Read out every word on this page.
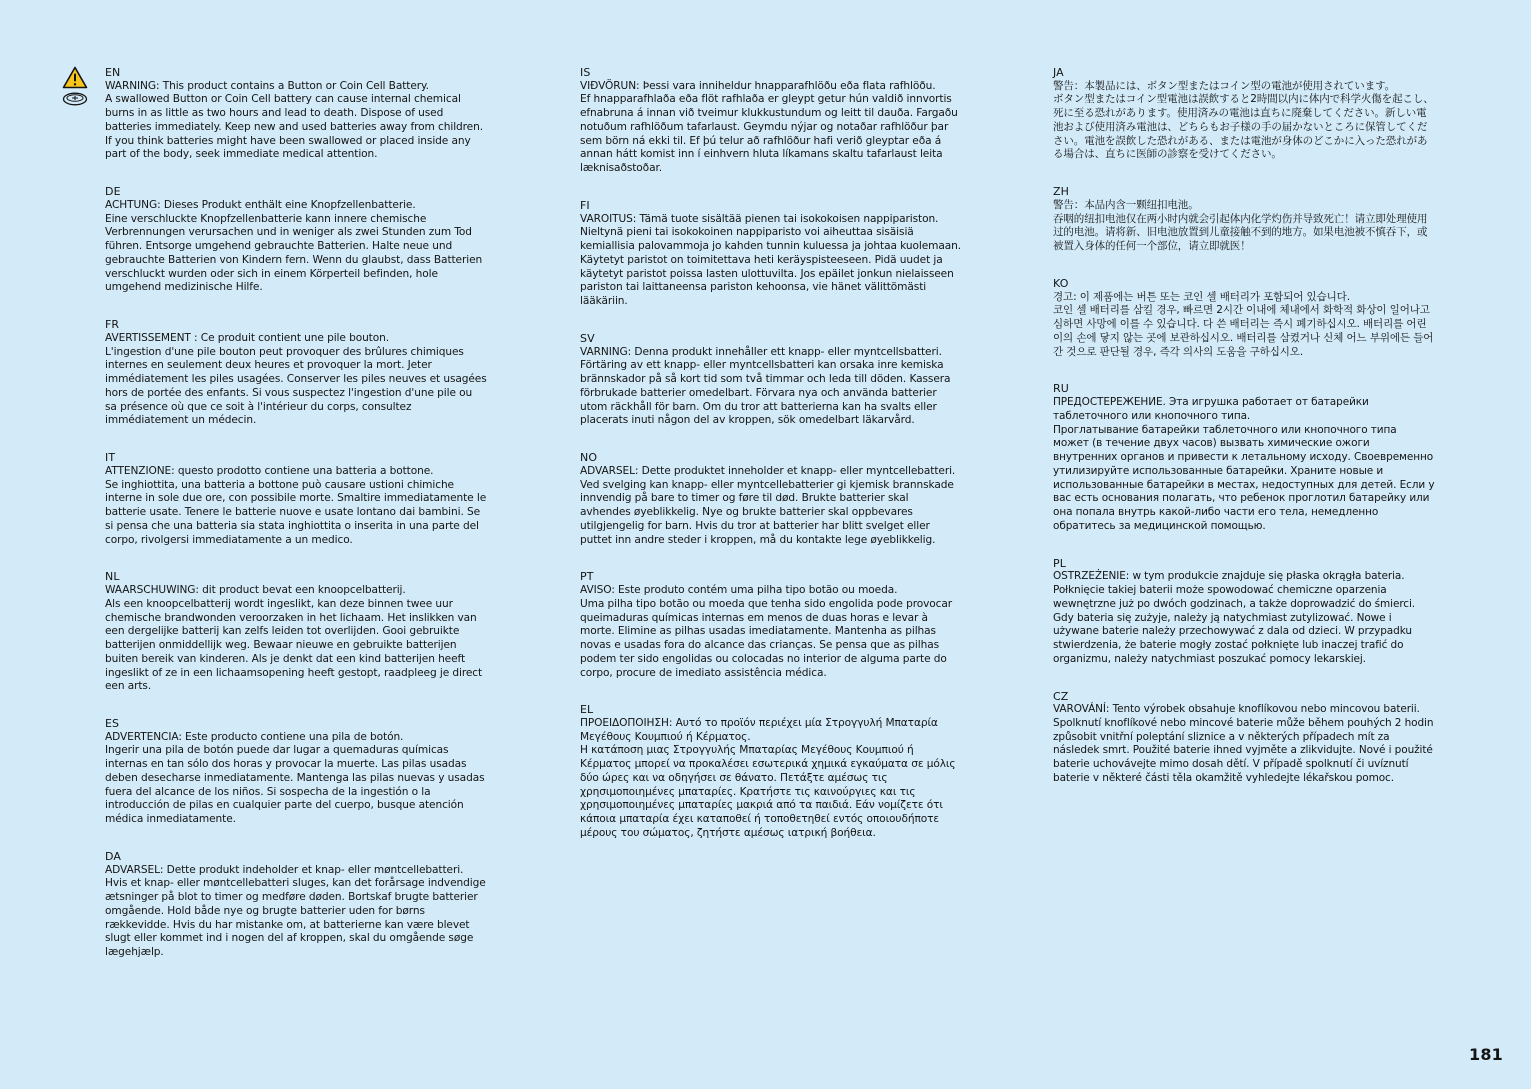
EN

WARNING: This product contains a Button or Coin Cell Battery.

A swallowed Button or Coin Cell battery can cause internal chemical burns in as little as two hours and lead to death. Dispose of used batteries immediately. Keep new and used batteries away from children. If you think batteries might have been swallowed or placed inside any part of the body, seek immediate medical attention.

DE

ACHTUNG: Dieses Produkt enthält eine Knopfzellenbatterie.

Eine verschluckte Knopfzellenbatterie kann innere chemische Verbrennungen verursachen und in weniger als zwei Stunden zum Tod führen. Entsorge umgehend gebrauchte Batterien. Halte neue und gebrauchte Batterien von Kindern fern. Wenn du glaubst, dass Batterien verschluckt wurden oder sich in einem Körperteil befinden, hole umgehend medizinische Hilfe.

FR

AVERTISSEMENT : Ce produit contient une pile bouton.

L'ingestion d'une pile bouton peut provoquer des brûlures chimiques internes en seulement deux heures et provoquer la mort. Jeter immédiatement les piles usagées. Conserver les piles neuves et usagées hors de portée des enfants. Si vous suspectez l'ingestion d'une pile ou sa présence où que ce soit à l'intérieur du corps, consultez immédiatement un médecin.

IT

ATTENZIONE: questo prodotto contiene una batteria a bottone.

Se inghiottita, una batteria a bottone può causare ustioni chimiche interne in sole due ore, con possibile morte. Smaltire immediatamente le batterie usate. Tenere le batterie nuove e usate lontano dai bambini. Se si pensa che una batteria sia stata inghiottita o inserita in una parte del corpo, rivolgersi immediatamente a un medico.

NL

WAARSCHUWING: dit product bevat een knoopcelbatterij.

Als een knoopcelbatterij wordt ingeslikt, kan deze binnen twee uur chemische brandwonden veroorzaken in het lichaam. Het inslikken van een dergelijke batterij kan zelfs leiden tot overlijden. Gooi gebruikte batterijen onmiddellijk weg. Bewaar nieuwe en gebruikte batterijen buiten bereik van kinderen. Als je denkt dat een kind batterijen heeft ingeslikt of ze in een lichaamsopening heeft gestopt, raadpleeg je direct een arts.

ES

ADVERTENCIA: Este producto contiene una pila de botón.

Ingerir una pila de botón puede dar lugar a quemaduras químicas internas en tan sólo dos horas y provocar la muerte. Las pilas usadas deben desecharse inmediatamente. Mantenga las pilas nuevas y usadas fuera del alcance de los niños. Si sospecha de la ingestión o la introducción de pilas en cualquier parte del cuerpo, busque atención médica inmediatamente.

DA

ADVARSEL: Dette produkt indeholder et knap- eller møntcellebatteri.

Hvis et knap- eller møntcellebatteri sluges, kan det forårsage indvendige ætsninger på blot to timer og medføre døden. Bortskaf brugte batterier omgående. Hold både nye og brugte batterier uden for børns rækkevidde. Hvis du har mistanke om, at batterierne kan være blevet slugt eller kommet ind i nogen del af kroppen, skal du omgående søge lægehjælp.

IS

VIÐVÖRUN: Þessi vara inniheldur hnapparafhlöðu eða flata rafhlöðu.

Ef hnapparafhlaða eða flöt rafhlaða er gleypt getur hún valdið innvortis efnabruna á innan við tveimur klukkustundum og leitt til dauða. Fargaðu notuðum rafhlöðum tafarlaust. Geymdu nýjar og notaðar rafhlöður þar sem börn ná ekki til. Ef þú telur að rafhlöður hafi verið gleyptar eða á annan hátt komist inn í einhvern hluta líkamans skaltu tafarlaust leita læknisaðstoðar.

FI

VAROITUS: Tämä tuote sisältää pienen tai isokokoisen nappipariston.

Nieltynä pieni tai isokokoinen nappiparisto voi aiheuttaa sisäisiä kemiallisia palovammoja jo kahden tunnin kuluessa ja johtaa kuolemaan. Käytetyt paristot on toimitettava heti keräyspisteeseen. Pidä uudet ja käytetyt paristot poissa lasten ulottuvilta. Jos epäilet jonkun nielaisseen pariston tai laittaneensa pariston kehoonsa, vie hänet välittömästi lääkäriin.

SV

VARNING: Denna produkt innehåller ett knapp- eller myntcellsbatteri.

Förtäring av ett knapp- eller myntcellsbatteri kan orsaka inre kemiska brännskador på så kort tid som två timmar och leda till döden. Kassera förbrukade batterier omedelbart. Förvara nya och använda batterier utom räckhåll för barn. Om du tror att batterierna kan ha svalts eller placerats inuti någon del av kroppen, sök omedelbart läkarvård.

NO

ADVARSEL: Dette produktet inneholder et knapp- eller myntcellebatteri.

Ved svelging kan knapp- eller myntcellebatterier gi kjemisk brannskade innvendig på bare to timer og føre til død. Brukte batterier skal avhendes øyeblikkelig. Nye og brukte batterier skal oppbevares utilgjengelig for barn. Hvis du tror at batterier har blitt svelget eller puttet inn andre steder i kroppen, må du kontakte lege øyeblikkelig.

PT

AVISO: Este produto contém uma pilha tipo botão ou moeda.

Uma pilha tipo botão ou moeda que tenha sido engolida pode provocar queimaduras químicas internas em menos de duas horas e levar à morte. Elimine as pilhas usadas imediatamente. Mantenha as pilhas novas e usadas fora do alcance das crianças. Se pensa que as pilhas podem ter sido engolidas ou colocadas no interior de alguma parte do corpo, procure de imediato assistência médica.

EL

ΠΡΟΕΙΔΟΠΟΙΗΣΗ: Αυτό το προϊόν περιέχει μία Στρογγυλή Μπαταρία Μεγέθους Κουμπιού ή Κέρματος.

Η κατάποση μιας Στρογγυλής Μπαταρίας Μεγέθους Κουμπιού ή Κέρματος μπορεί να προκαλέσει εσωτερικά χημικά εγκαύματα σε μόλις δύο ώρες και να οδηγήσει σε θάνατο. Πετάξτε αμέσως τις χρησιμοποιημένες μπαταρίες. Κρατήστε τις καινούργιες και τις χρησιμοποιημένες μπαταρίες μακριά από τα παιδιά. Εάν νομίζετε ότι κάποια μπαταρία έχει καταποθεί ή τοποθετηθεί εντός οποιουδήποτε μέρους του σώματος, ζητήστε αμέσως ιατρική βοήθεια.

JA

警告：本製品には、ボタン型またはコイン型の電池が使用されています。

ボタン型またはコイン型電池は誤飲すると2時間以内に体内で科学火傷を起こし、死に至る恐れがあります。使用済みの電池は直ちに廃棄してください。新しい電池および使用済み電池は、どちらもお子様の手の届かないところに保管してください。電池を誤飲した恐れがある、または電池が身体のどこかに入った恐れがある場合は、直ちに医師の診察を受けてください。

ZH

警告：本品内含一颗纽扣电池。

吞咽的纽扣电池仅在两小时内就会引起体内化学灼伤并导致死亡！请立即处理使用过的电池。请将新、旧电池放置到儿童接触不到的地方。如果电池被不慎吞下，或被置入身体的任何一个部位，请立即就医！

KO

경고: 이 제품에는 버튼 또는 코인 셀 배터리가 포함되어 있습니다.

코인 셀 배터리를 삼킬 경우, 빠르면 2시간 이내에 체내에서 화학적 화상이 일어나고 심하면 사망에 이를 수 있습니다. 다 쓴 배터리는 즉시 폐기하십시오. 배터리를 어린이의 손에 닿지 않는 곳에 보관하십시오. 배터리를 삼켰거나 신체 어느 부위에든 들어간 것으로 판단될 경우, 즉각 의사의 도움을 구하십시오.

RU

ПРЕДОСТЕРЕЖЕНИЕ. Эта игрушка работает от батарейки таблеточного или кнопочного типа.

Проглатывание батарейки таблеточного или кнопочного типа может (в течение двух часов) вызвать химические ожоги внутренних органов и привести к летальному исходу. Своевременно утилизируйте использованные батарейки. Храните новые и использованные батарейки в местах, недоступных для детей. Если у вас есть основания полагать, что ребенок проглотил батарейку или она попала внутрь какой-либо части его тела, немедленно обратитесь за медицинской помощью.

PL

OSTRZEŻENIE: w tym produkcie znajduje się płaska okrągła bateria.

Połknięcie takiej baterii może spowodować chemiczne oparzenia wewnętrzne już po dwóch godzinach, a także doprowadzić do śmierci. Gdy bateria się zużyje, należy ją natychmiast zutylizować. Nowe i używane baterie należy przechowywać z dala od dzieci. W przypadku stwierdzenia, że baterie mogły zostać połknięte lub inaczej trafić do organizmu, należy natychmiast poszukać pomocy lekarskiej.

CZ

VAROVÁNÍ: Tento výrobek obsahuje knoflíkovou nebo mincovou baterii.

Spolknutí knoflíkové nebo mincové baterie může během pouhých 2 hodin způsobit vnitřní poleptání sliznice a v některých případech mít za následek smrt. Použité baterie ihned vyjměte a zlikvidujte. Nové i použité baterie uchovávejte mimo dosah dětí. V případě spolknutí či uvíznutí baterie v některé části těla okamžitě vyhledejte lékařskou pomoc.

181
